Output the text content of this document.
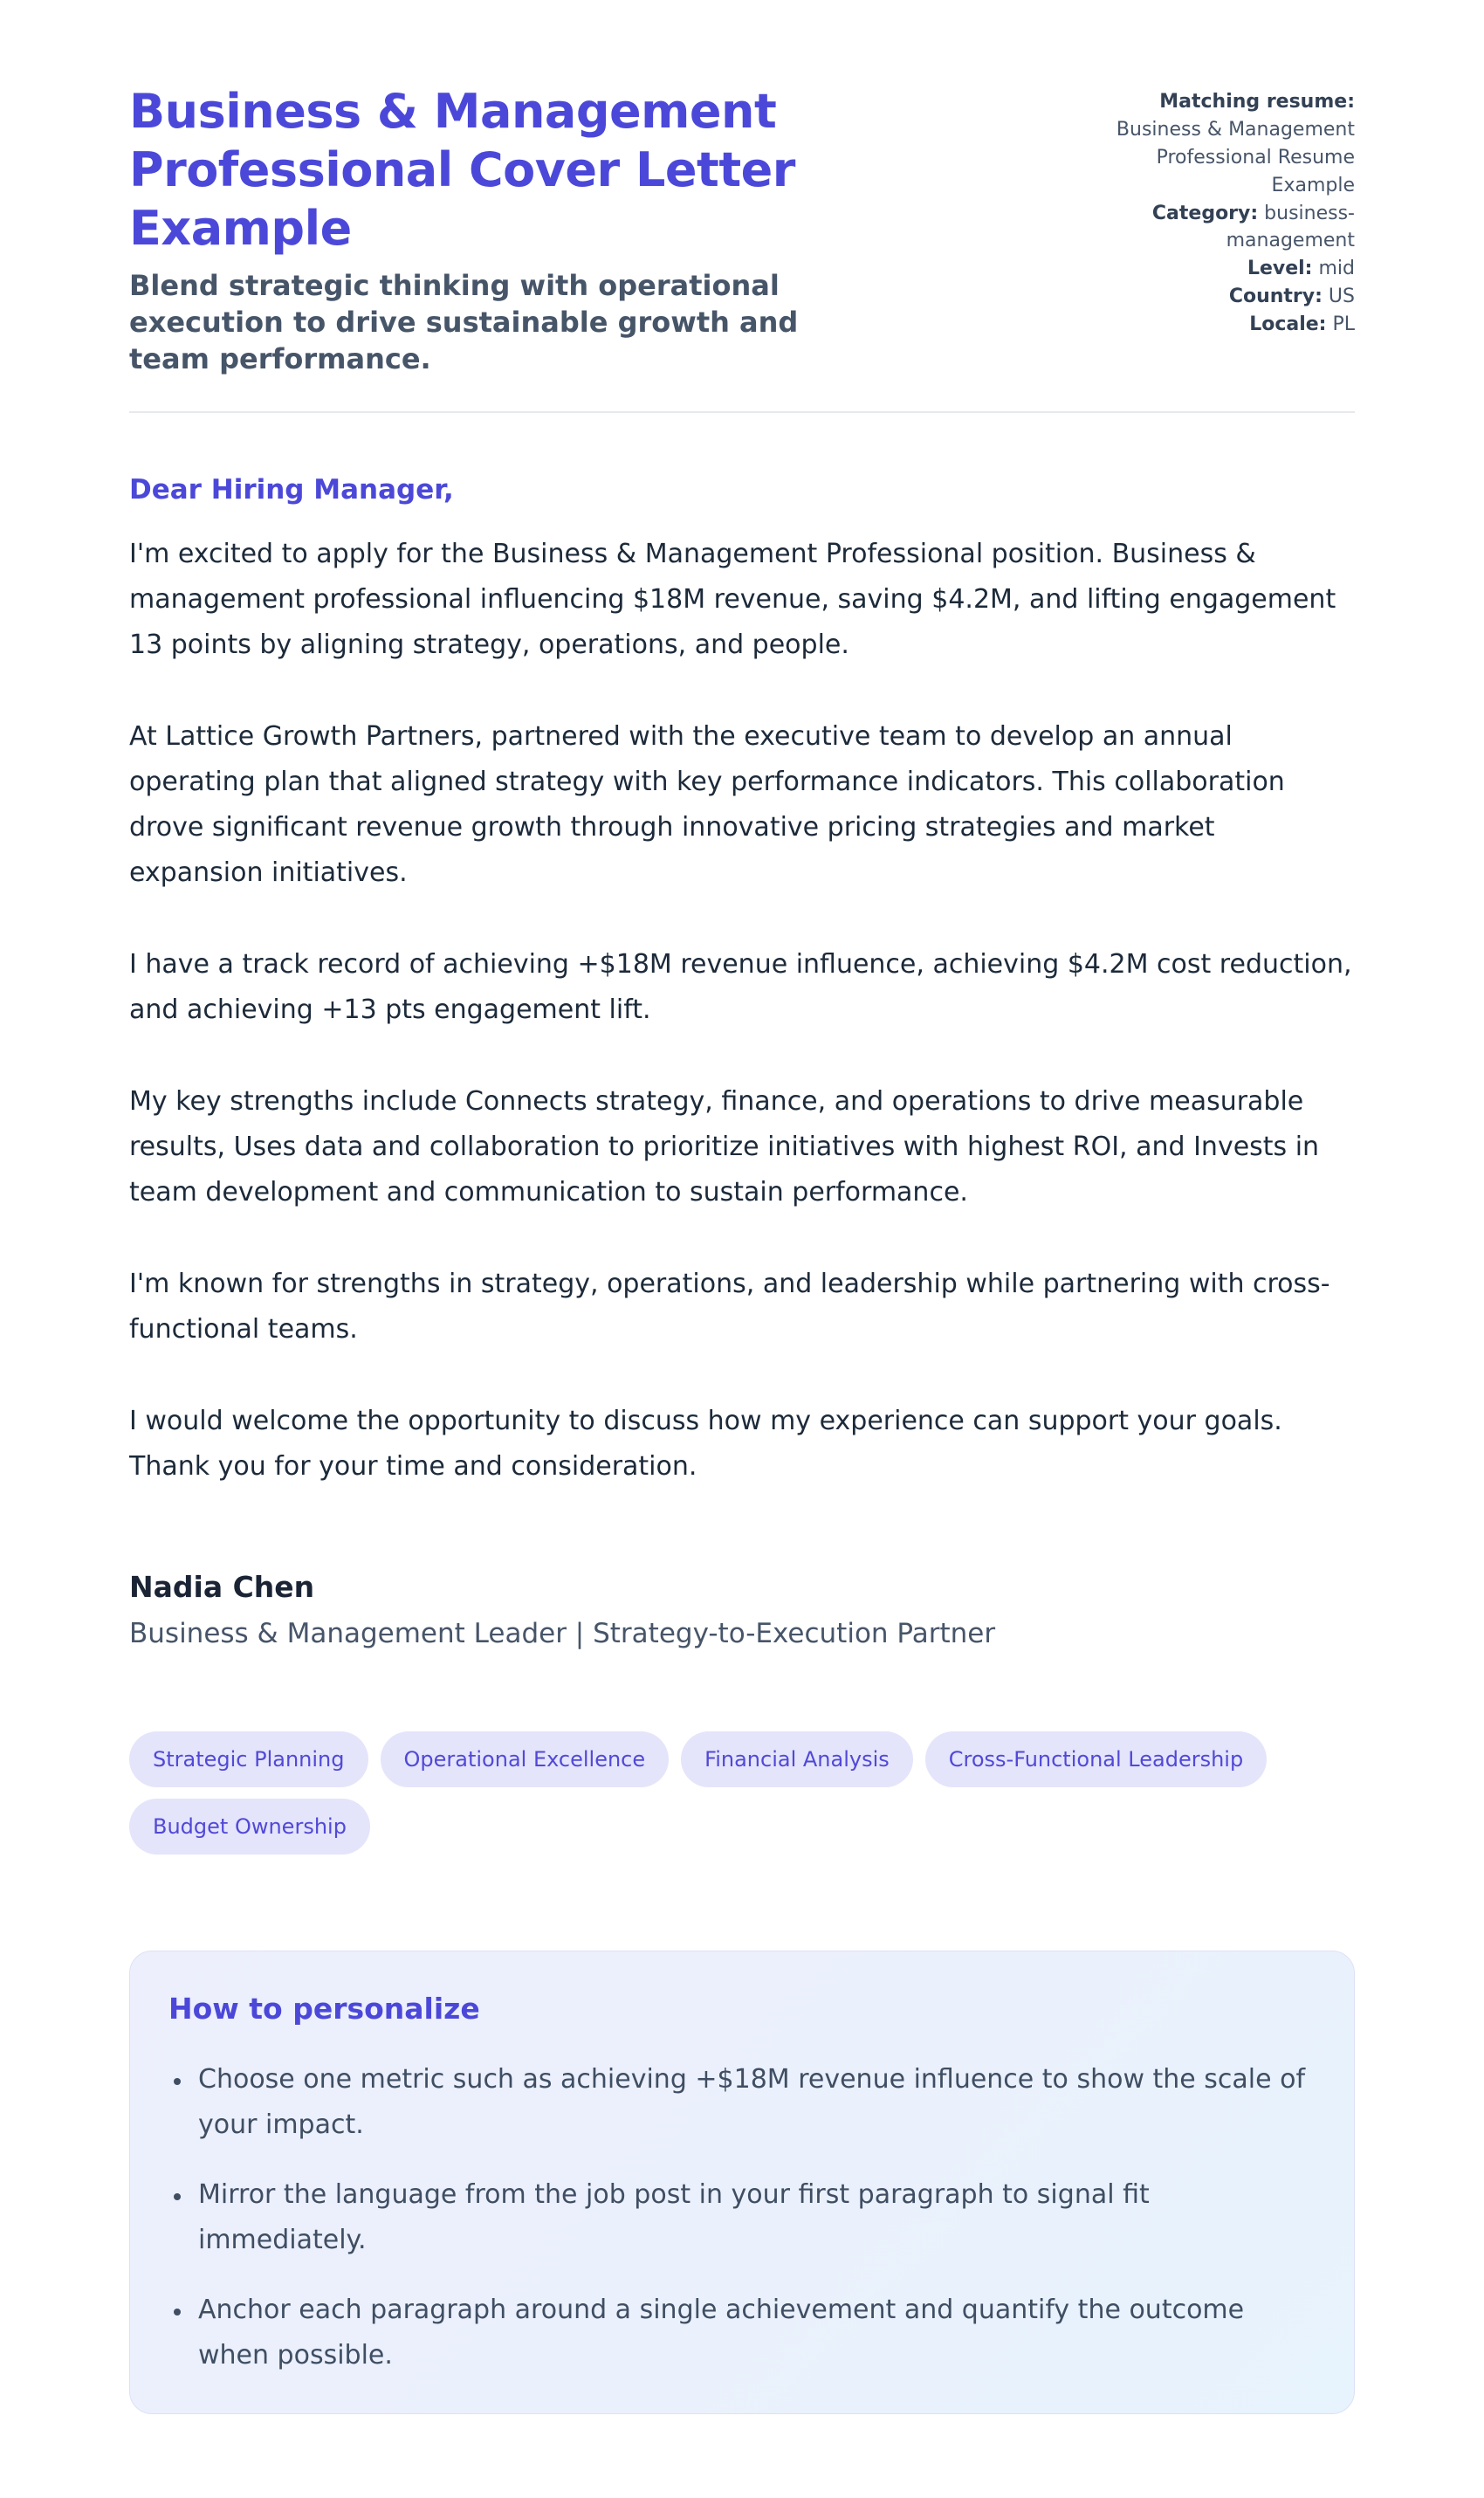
Business & Management Professional Cover Letter Example

Blend strategic thinking with operational execution to drive sustainable growth and team performance.

Matching resume: Business & Management Professional Resume Example
Category: business-management
Level: mid
Country: US
Locale: PL

Dear Hiring Manager,

I'm excited to apply for the Business & Management Professional position. Business & management professional influencing $18M revenue, saving $4.2M, and lifting engagement 13 points by aligning strategy, operations, and people.

At Lattice Growth Partners, partnered with the executive team to develop an annual operating plan that aligned strategy with key performance indicators. This collaboration drove significant revenue growth through innovative pricing strategies and market expansion initiatives.

I have a track record of achieving +$18M revenue influence, achieving $4.2M cost reduction, and achieving +13 pts engagement lift.

My key strengths include Connects strategy, finance, and operations to drive measurable results, Uses data and collaboration to prioritize initiatives with highest ROI, and Invests in team development and communication to sustain performance.

I'm known for strengths in strategy, operations, and leadership while partnering with cross-functional teams.

I would welcome the opportunity to discuss how my experience can support your goals. Thank you for your time and consideration.

Nadia Chen

Business & Management Leader | Strategy-to-Execution Partner

Strategic Planning	Operational Excellence	Financial Analysis	Cross-Functional Leadership
Budget Ownership
How to personalize
• Choose one metric such as achieving +$18M revenue influence to show the scale of your impact.
• Mirror the language from the job post in your first paragraph to signal fit immediately.
• Anchor each paragraph around a single achievement and quantify the outcome when possible.
